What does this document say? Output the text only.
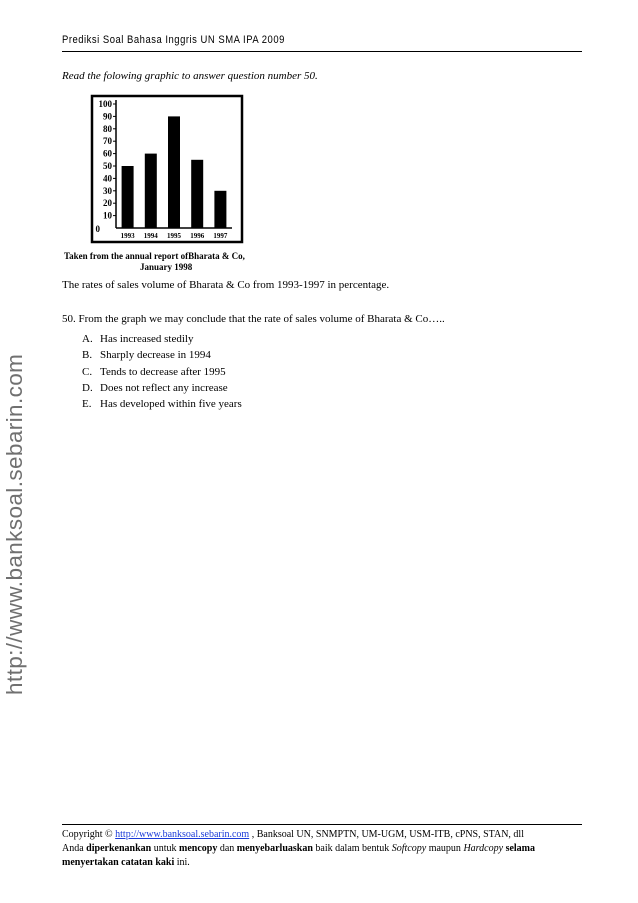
http://www.banksoal.sebarin.com
Prediksi Soal Bahasa Inggris UN SMA IPA 2009
Read the folowing graphic to answer question number 50.
0
10
20
30
40
50
60
70
80
90
100
1993 1994 1995 1996 1997
Taken from the annual report ofBharata & Co,
January 1998
The rates of sales volume of Bharata & Co from 1993-1997 in percentage.
50. From the graph we may conclude that the rate of sales volume of Bharata & Co…..
A. Has increased stedily
B. Sharply decrease in 1994
C. Tends to decrease after 1995
D. Does not reflect any increase
E. Has developed within five years
Copyright © http://www.banksoal.sebarin.com , Banksoal UN, SNMPTN, UM-UGM, USM-ITB, cPNS, STAN, dll
Anda diperkenankan untuk mencopy dan menyebarluaskan baik dalam bentuk Softcopy maupun Hardcopy selama
menyertakan catatan kaki ini.
